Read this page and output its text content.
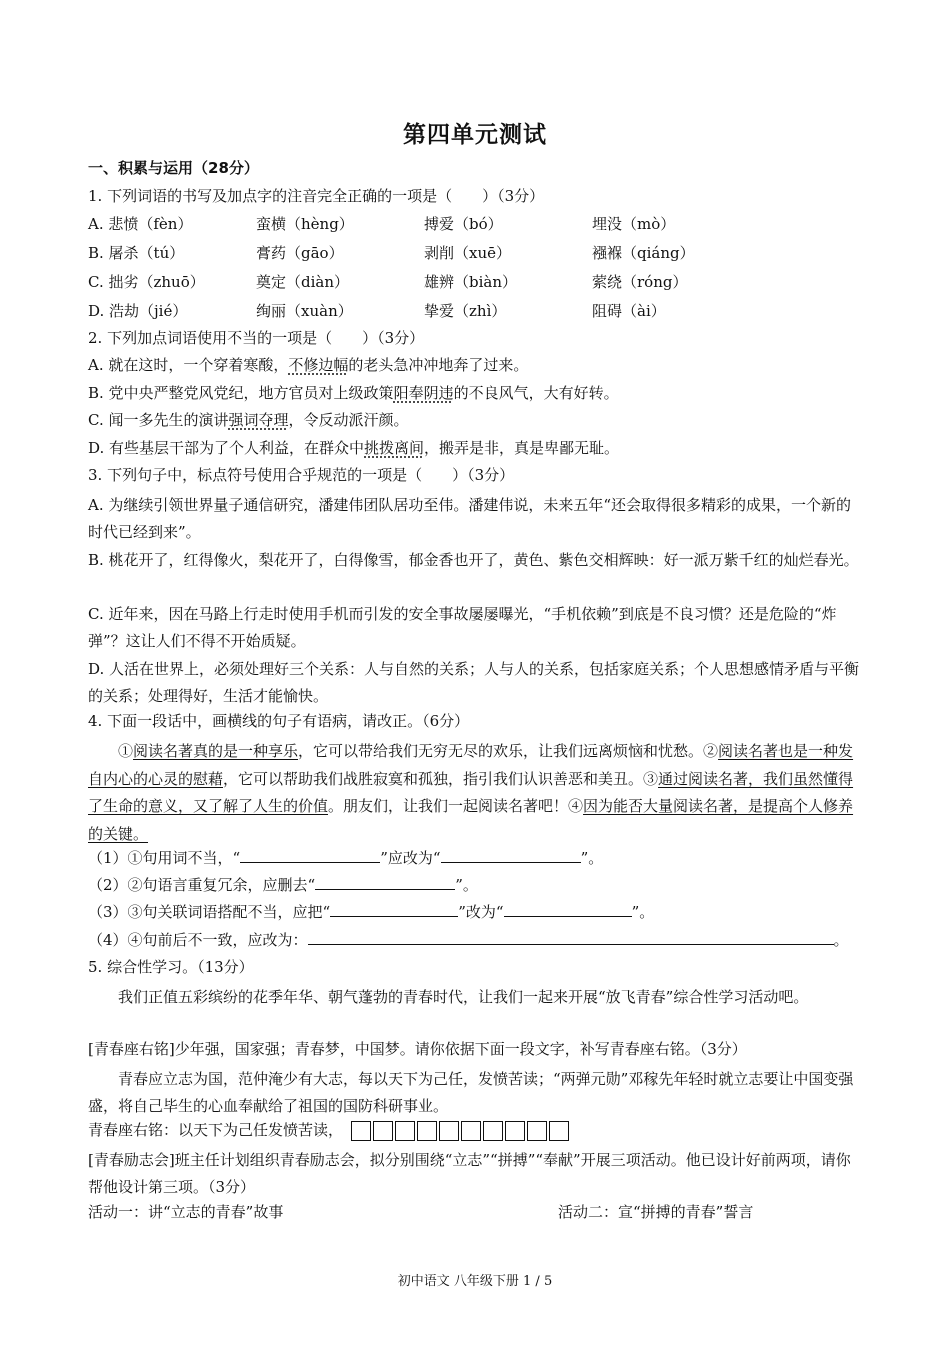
第四单元测试
一、积累与运用（28分）
1. 下列词语的书写及加点字的注音完全正确的一项是（　　）（3分）
A. 悲愤（fèn）	蛮横（hèng）	搏爱（bó）	埋没（mò）
B. 屠杀（tú）	膏药（gāo）	剥削（xuē）	襁褓（qiáng）
C. 拙劣（zhuō）	奠定（diàn）	雄辨（biàn）	萦绕（róng）
D. 浩劫（jié）	绚丽（xuàn）	挚爱（zhì）	阻碍（ài）
2. 下列加点词语使用不当的一项是（　　）（3分）
A. 就在这时，一个穿着寒酸，不修边幅的老头急冲冲地奔了过来。
B. 党中央严整党风党纪，地方官员对上级政策阳奉阴违的不良风气，大有好转。
C. 闻一多先生的演讲强词夺理，令反动派汗颜。
D. 有些基层干部为了个人利益，在群众中挑拨离间，搬弄是非，真是卑鄙无耻。
3. 下列句子中，标点符号使用合乎规范的一项是（　　）（3分）
A. 为继续引领世界量子通信研究，潘建伟团队居功至伟。潘建伟说，未来五年“还会取得很多精彩的成果，一个新的时代已经到来”。
B. 桃花开了，红得像火，梨花开了，白得像雪，郁金香也开了，黄色、紫色交相辉映：好一派万紫千红的灿烂春光。
C. 近年来，因在马路上行走时使用手机而引发的安全事故屡屡曝光，“手机依赖”到底是不良习惯？还是危险的“炸弹”？这让人们不得不开始质疑。
D. 人活在世界上，必须处理好三个关系：人与自然的关系；人与人的关系，包括家庭关系；个人思想感情矛盾与平衡的关系；处理得好，生活才能愉快。
4. 下面一段话中，画横线的句子有语病，请改正。（6分）
①阅读名著真的是一种享乐，它可以带给我们无穷无尽的欢乐，让我们远离烦恼和忧愁。②阅读名著也是一种发自内心的心灵的慰藉，它可以帮助我们战胜寂寞和孤独，指引我们认识善恶和美丑。③通过阅读名著，我们虽然懂得了生命的意义，又了解了人生的价值。朋友们，让我们一起阅读名著吧！④因为能否大量阅读名著，是提高个人修养的关键。
（1）①句用词不当，“	”应改为“	”。
（2）②句语言重复冗余，应删去“	”。
（3）③句关联词语搭配不当，应把“	”改为“	”。
（4）④句前后不一致，应改为：	。
5. 综合性学习。（13分）
我们正值五彩缤纷的花季年华、朝气蓬勃的青春时代，让我们一起来开展“放飞青春”综合性学习活动吧。
[青春座右铭]少年强，国家强；青春梦，中国梦。请你依据下面一段文字，补写青春座右铭。（3分）
青春应立志为国，范仲淹少有大志，每以天下为己任，发愤苦读；“两弹元勋”邓稼先年轻时就立志要让中国变强盛，将自己毕生的心血奉献给了祖国的国防科研事业。
青春座右铭：以天下为己任发愤苦读，
[青春励志会]班主任计划组织青春励志会，拟分别围绕“立志”“拼搏”“奉献”开展三项活动。他已设计好前两项，请你帮他设计第三项。（3分）
活动一：讲“立志的青春”故事	活动二：宣“拼搏的青春”誓言
初中语文 八年级下册 1 / 5
